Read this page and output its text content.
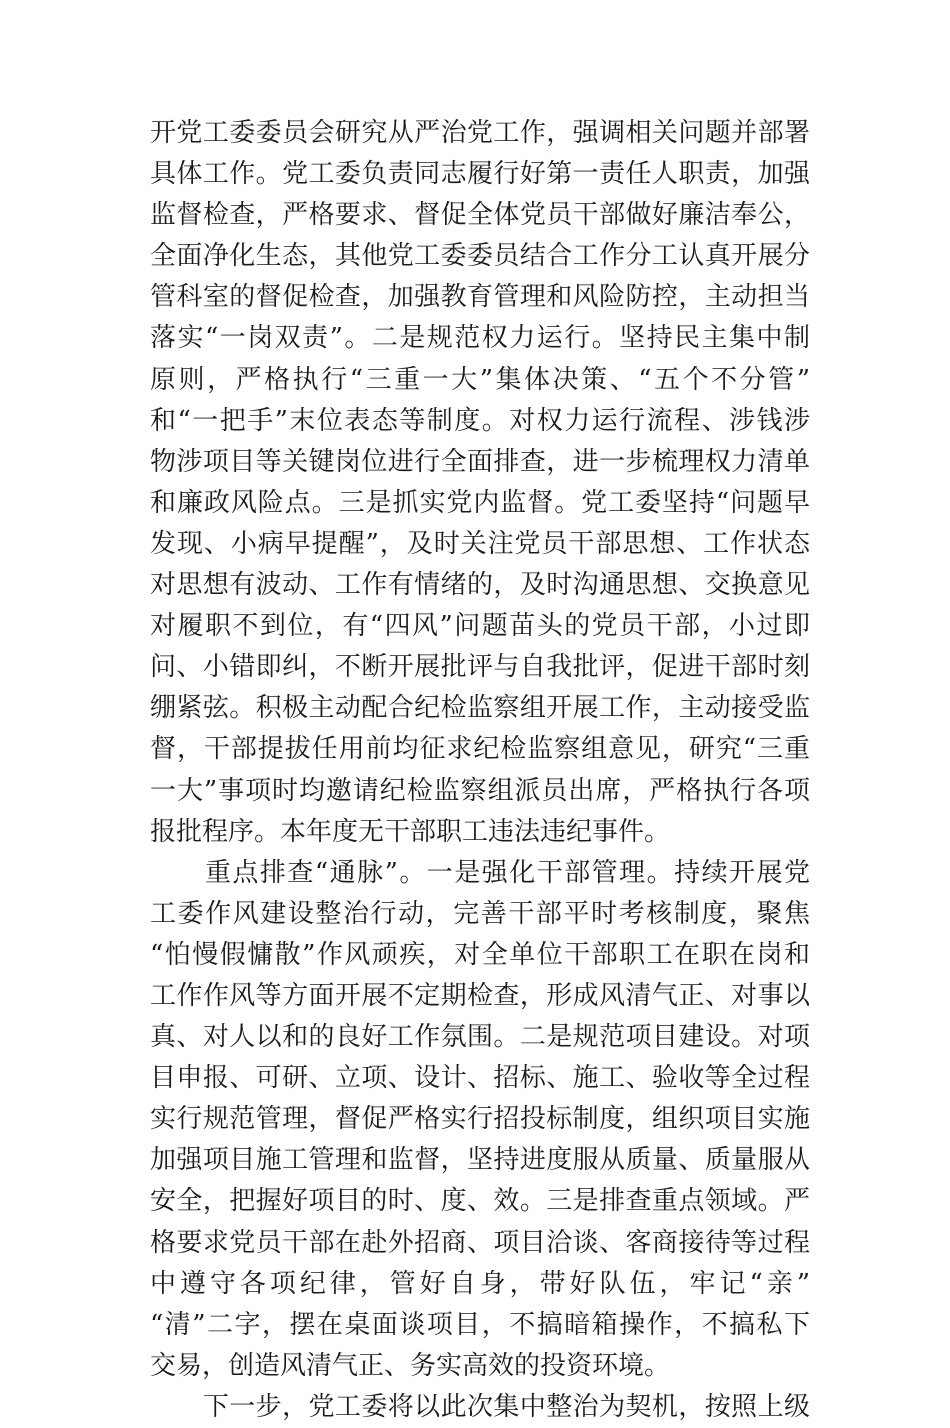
开党工委委员会研究从严治党工作，强调相关问题并部署
具体工作。党工委负责同志履行好第一责任人职责，加强
监督检查，严格要求、督促全体党员干部做好廉洁奉公，
全面净化生态，其他党工委委员结合工作分工认真开展分
管科室的督促检查，加强教育管理和风险防控，主动担当
落实“一岗双责”。二是规范权力运行。坚持民主集中制
原则，严格执行“三重一大”集体决策、“五个不分管”
和“一把手”末位表态等制度。对权力运行流程、涉钱涉
物涉项目等关键岗位进行全面排查，进一步梳理权力清单
和廉政风险点。三是抓实党内监督。党工委坚持“问题早
发现、小病早提醒”，及时关注党员干部思想、工作状态
对思想有波动、工作有情绪的，及时沟通思想、交换意见
对履职不到位，有“四风”问题苗头的党员干部，小过即
问、小错即纠，不断开展批评与自我批评，促进干部时刻
绷紧弦。积极主动配合纪检监察组开展工作，主动接受监
督，干部提拔任用前均征求纪检监察组意见，研究“三重
一大”事项时均邀请纪检监察组派员出席，严格执行各项
报批程序。本年度无干部职工违法违纪事件。
　　重点排查“通脉”。一是强化干部管理。持续开展党
工委作风建设整治行动，完善干部平时考核制度，聚焦
“怕慢假慵散”作风顽疾，对全单位干部职工在职在岗和
工作作风等方面开展不定期检查，形成风清气正、对事以
真、对人以和的良好工作氛围。二是规范项目建设。对项
目申报、可研、立项、设计、招标、施工、验收等全过程
实行规范管理，督促严格实行招投标制度，组织项目实施
加强项目施工管理和监督，坚持进度服从质量、质量服从
安全，把握好项目的时、度、效。三是排查重点领域。严
格要求党员干部在赴外招商、项目洽谈、客商接待等过程
中遵守各项纪律，管好自身，带好队伍，牢记“亲”
“清”二字，摆在桌面谈项目，不搞暗箱操作，不搞私下
交易，创造风清气正、务实高效的投资环境。
　　下一步，党工委将以此次集中整治为契机，按照上级
